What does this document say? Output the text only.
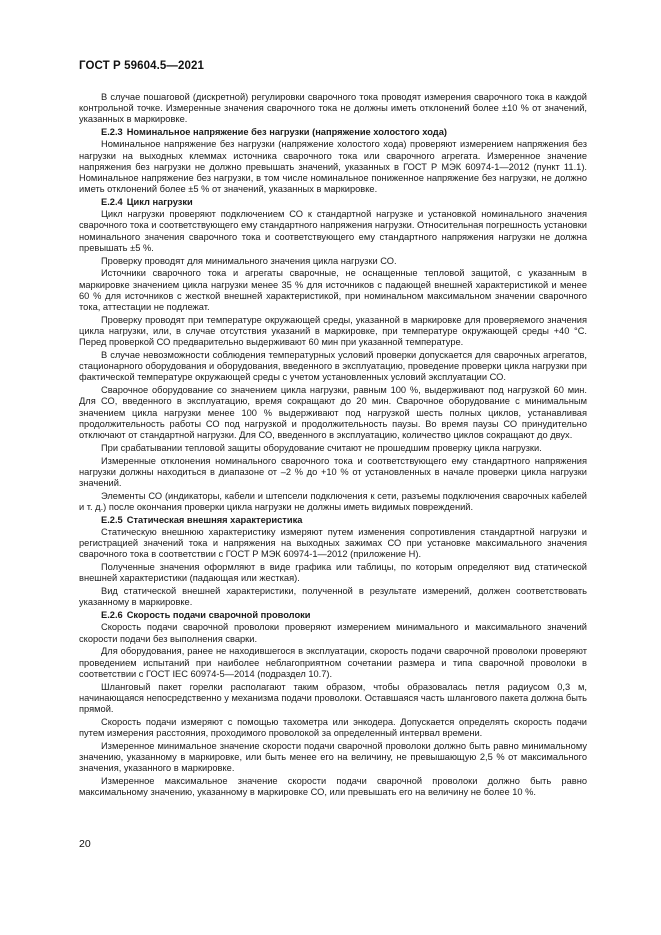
ГОСТ Р 59604.5—2021

В случае пошаговой (дискретной) регулировки сварочного тока проводят измерения сварочного тока в каждой контрольной точке. Измеренные значения сварочного тока не должны иметь отклонений более ±10 % от значений, указанных в маркировке.

Е.2.3 Номинальное напряжение без нагрузки (напряжение холостого хода)

Номинальное напряжение без нагрузки (напряжение холостого хода) проверяют измерением напряжения без нагрузки на выходных клеммах источника сварочного тока или сварочного агрегата. Измеренное значение напряжения без нагрузки не должно превышать значений, указанных в ГОСТ Р МЭК 60974-1—2012 (пункт 11.1). Номинальное напряжение без нагрузки, в том числе номинальное пониженное напряжение без нагрузки, не должно иметь отклонений более ±5 % от значений, указанных в маркировке.

Е.2.4 Цикл нагрузки

Цикл нагрузки проверяют подключением СО к стандартной нагрузке и установкой номинального значения сварочного тока и соответствующего ему стандартного напряжения нагрузки. Относительная погрешность установки номинального значения сварочного тока и соответствующего ему стандартного напряжения нагрузки не должна превышать ±5 %.

Проверку проводят для минимального значения цикла нагрузки СО.

Источники сварочного тока и агрегаты сварочные, не оснащенные тепловой защитой, с указанным в маркировке значением цикла нагрузки менее 35 % для источников с падающей внешней характеристикой и менее 60 % для источников с жесткой внешней характеристикой, при номинальном максимальном значении сварочного тока, аттестации не подлежат.

Проверку проводят при температуре окружающей среды, указанной в маркировке для проверяемого значения цикла нагрузки, или, в случае отсутствия указаний в маркировке, при температуре окружающей среды +40 °С. Перед проверкой СО предварительно выдерживают 60 мин при указанной температуре.

В случае невозможности соблюдения температурных условий проверки допускается для сварочных агрегатов, стационарного оборудования и оборудования, введенного в эксплуатацию, проведение проверки цикла нагрузки при фактической температуре окружающей среды с учетом установленных условий эксплуатации СО.

Сварочное оборудование со значением цикла нагрузки, равным 100 %, выдерживают под нагрузкой 60 мин. Для СО, введенного в эксплуатацию, время сокращают до 20 мин. Сварочное оборудование с минимальным значением цикла нагрузки менее 100 % выдерживают под нагрузкой шесть полных циклов, устанавливая продолжительность работы СО под нагрузкой и продолжительность паузы. Во время паузы СО принудительно отключают от стандартной нагрузки. Для СО, введенного в эксплуатацию, количество циклов сокращают до двух.

При срабатывании тепловой защиты оборудование считают не прошедшим проверку цикла нагрузки.

Измеренные отклонения номинального сварочного тока и соответствующего ему стандартного напряжения нагрузки должны находиться в диапазоне от –2 % до +10 % от установленных в начале проверки цикла нагрузки значений.

Элементы СО (индикаторы, кабели и штепсели подключения к сети, разъемы подключения сварочных кабелей и т. д.) после окончания проверки цикла нагрузки не должны иметь видимых повреждений.

Е.2.5 Статическая внешняя характеристика

Статическую внешнюю характеристику измеряют путем изменения сопротивления стандартной нагрузки и регистрацией значений тока и напряжения на выходных зажимах СО при установке максимального значения сварочного тока в соответствии с ГОСТ Р МЭК 60974-1—2012 (приложение Н).

Полученные значения оформляют в виде графика или таблицы, по которым определяют вид статической внешней характеристики (падающая или жесткая).

Вид статической внешней характеристики, полученной в результате измерений, должен соответствовать указанному в маркировке.

Е.2.6 Скорость подачи сварочной проволоки

Скорость подачи сварочной проволоки проверяют измерением минимального и максимального значений скорости подачи без выполнения сварки.

Для оборудования, ранее не находившегося в эксплуатации, скорость подачи сварочной проволоки проверяют проведением испытаний при наиболее неблагоприятном сочетании размера и типа сварочной проволоки в соответствии с ГОСТ IEC 60974-5—2014 (подраздел 10.7).

Шланговый пакет горелки располагают таким образом, чтобы образовалась петля радиусом 0,3 м, начинающаяся непосредственно у механизма подачи проволоки. Оставшаяся часть шлангового пакета должна быть прямой.

Скорость подачи измеряют с помощью тахометра или энкодера. Допускается определять скорость подачи путем измерения расстояния, проходимого проволокой за определенный интервал времени.

Измеренное минимальное значение скорости подачи сварочной проволоки должно быть равно минимальному значению, указанному в маркировке, или быть менее его на величину, не превышающую 2,5 % от максимального значения, указанного в маркировке.

Измеренное максимальное значение скорости подачи сварочной проволоки должно быть равно максимальному значению, указанному в маркировке СО, или превышать его на величину не более 10 %.

20
